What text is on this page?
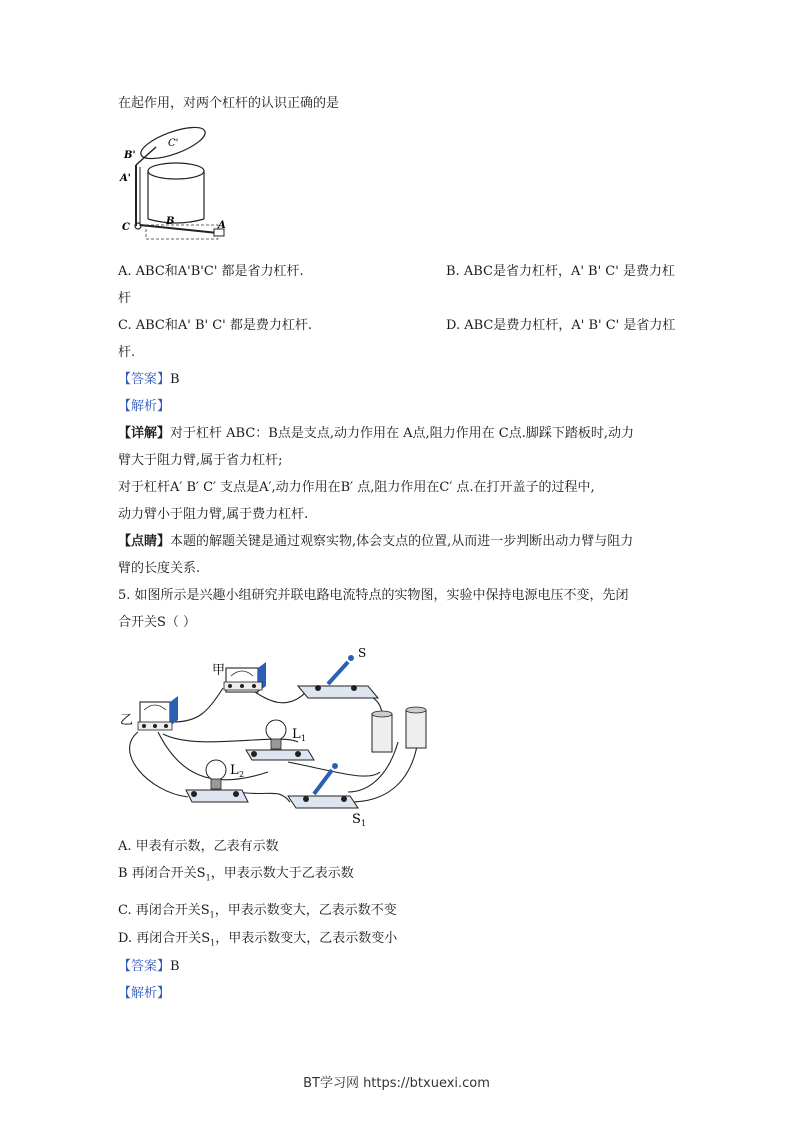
在起作用，对两个杠杆的认识正确的是
C'
B'
A'
C
B	A
A. ABC和A'B'C' 都是省力杠杆.	B. ABC是省力杠杆，A' B' C' 是费力杠
杆
C. ABC和A' B' C' 都是费力杠杆.	D. ABC是费力杠杆，A' B' C' 是省力杠
杆.
【答案】B
【解析】
【详解】对于杠杆 ABC：B点是支点,动力作用在 A点,阻力作用在 C点.脚踩下踏板时,动力
臂大于阻力臂,属于省力杠杆;
对于杠杆A′ B′ C′ 支点是A′,动力作用在B′ 点,阻力作用在C′ 点.在打开盖子的过程中,
动力臂小于阻力臂,属于费力杠杆.
【点睛】本题的解题关键是通过观察实物,体会支点的位置,从而进一步判断出动力臂与阻力
臂的长度关系.
5. 如图所示是兴趣小组研究并联电路电流特点的实物图，实验中保持电源电压不变，先闭
合开关S（ ）
甲
乙
S
L 1
L 2
S 1
A. 甲表有示数，乙表有示数
B 再闭合开关$S_1$，甲表示数大于乙表示数
C. 再闭合开关$S_1$，甲表示数变大，乙表示数不变
D. 再闭合开关$S_1$，甲表示数变大，乙表示数变小
【答案】B
【解析】
BT学习网 https://btxuexi.com
